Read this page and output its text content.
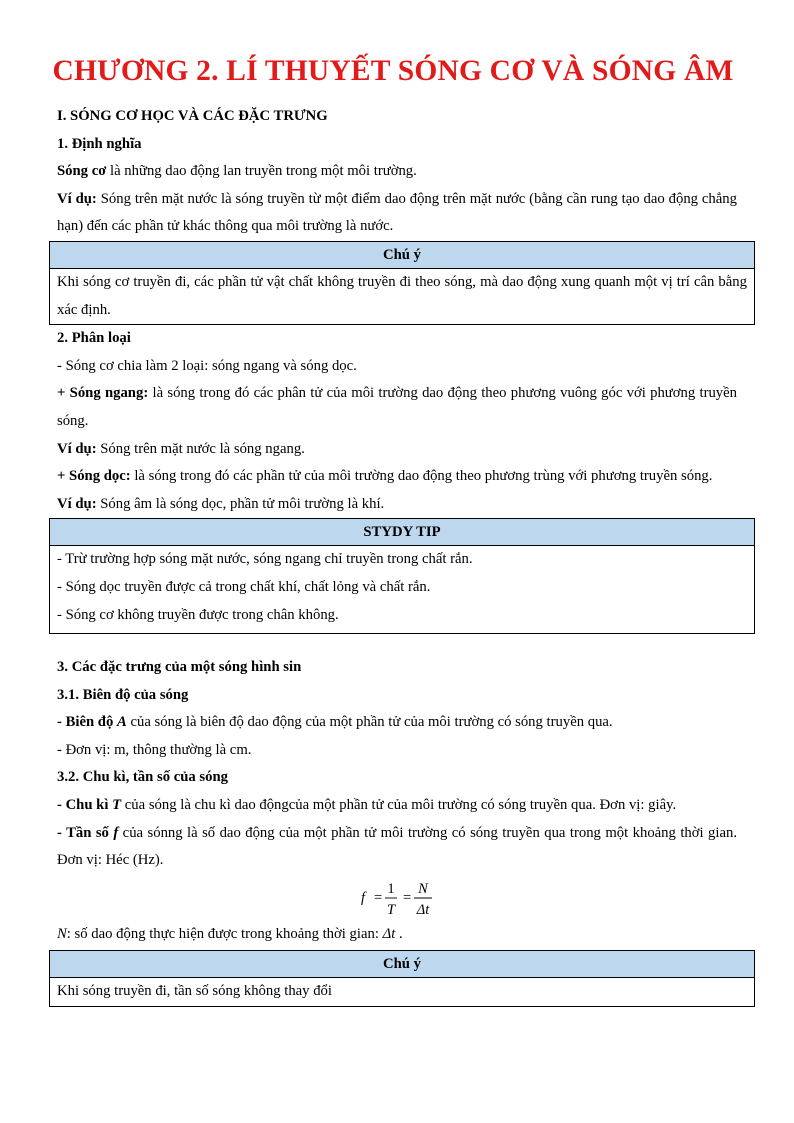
CHƯƠNG 2. LÍ THUYẾT SÓNG CƠ VÀ SÓNG ÂM

I. SÓNG CƠ HỌC VÀ CÁC ĐẶC TRƯNG

1. Định nghĩa

Sóng cơ là những dao động lan truyền trong một môi trường.

Ví dụ: Sóng trên mặt nước là sóng truyền từ một điểm dao động trên mặt nước (bằng cần rung tạo dao động chẳng hạn) đến các phần tử khác thông qua môi trường là nước.

Chú ý

Khi sóng cơ truyền đi, các phần tử vật chất không truyền đi theo sóng, mà dao động xung quanh một vị trí cân bằng xác định.

2. Phân loại

- Sóng cơ chia làm 2 loại: sóng ngang và sóng dọc.

+ Sóng ngang: là sóng trong đó các phân tử của môi trường dao động theo phương vuông góc với phương truyền sóng.

Ví dụ: Sóng trên mặt nước là sóng ngang.

+ Sóng dọc: là sóng trong đó các phần tử của môi trường dao động theo phương trùng với phương truyền sóng.

Ví dụ: Sóng âm là sóng dọc, phần tử môi trường là khí.

STYDY TIP

- Trừ trường hợp sóng mặt nước, sóng ngang chỉ truyền trong chất rắn.

- Sóng dọc truyền được cả trong chất khí, chất lỏng và chất rắn.

- Sóng cơ không truyền được trong chân không.

3. Các đặc trưng của một sóng hình sin

3.1. Biên độ của sóng

- Biên độ A của sóng là biên độ dao động của một phần tử của môi trường có sóng truyền qua.

- Đơn vị: m, thông thường là cm.

3.2. Chu kì, tần số của sóng

- Chu kì T của sóng là chu kì dao độngcủa một phần tử của môi trường có sóng truyền qua. Đơn vị: giây.

- Tần số f của sónng là số dao động của một phần tử môi trường có sóng truyền qua trong một khoảng thời gian. Đơn vị: Héc (Hz).

f =
1
T
=
N
Δt

N: số dao động thực hiện được trong khoảng thời gian: Δt .

Chú ý

Khi sóng truyền đi, tần số sóng không thay đổi
